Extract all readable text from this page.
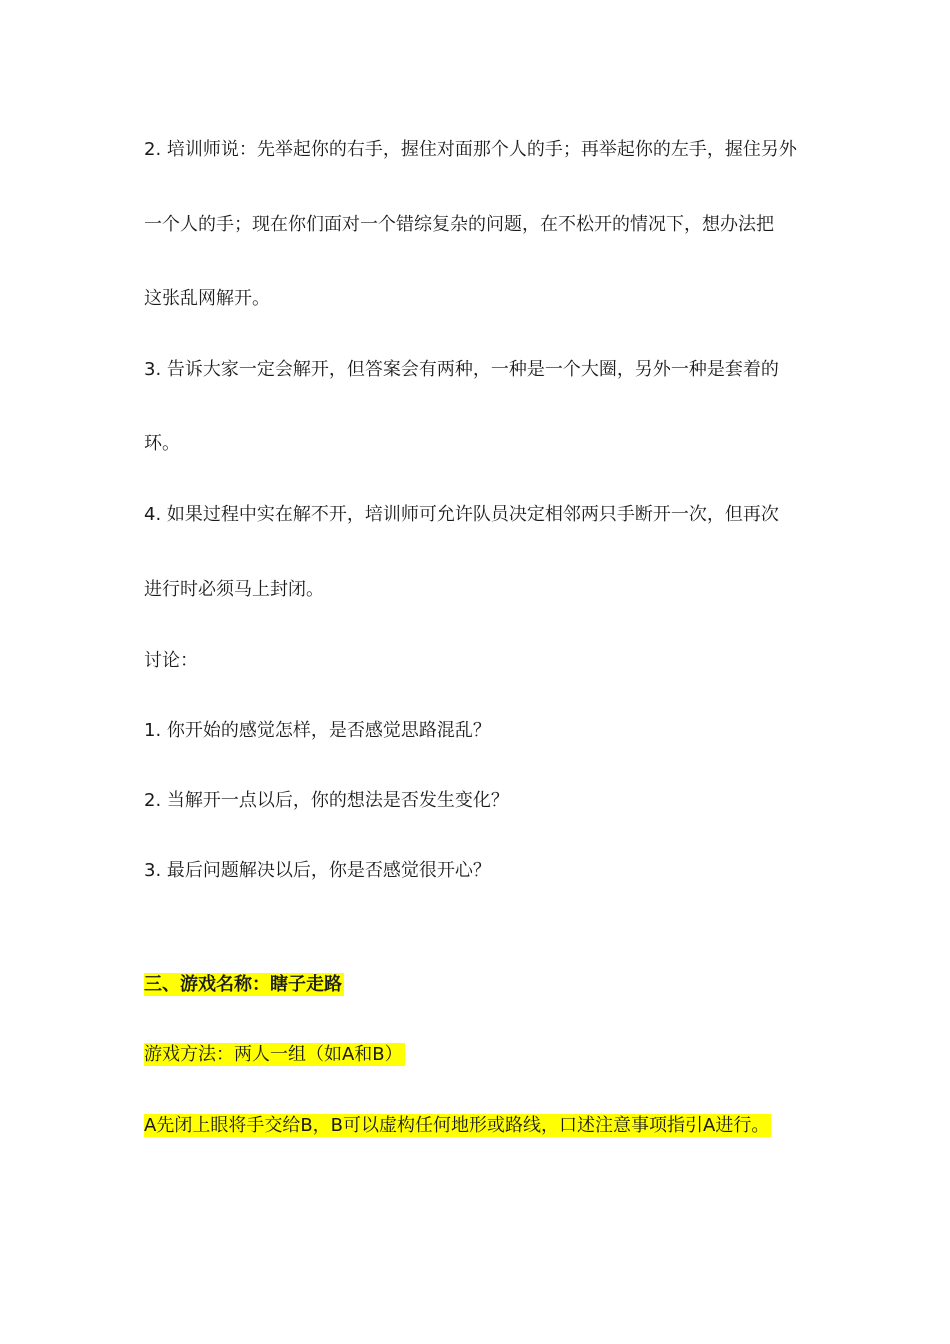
2. 培训师说：先举起你的右手，握住对面那个人的手；再举起你的左手，握住另外
一个人的手；现在你们面对一个错综复杂的问题，在不松开的情况下，想办法把
这张乱网解开。
3. 告诉大家一定会解开，但答案会有两种，一种是一个大圈，另外一种是套着的
环。
4. 如果过程中实在解不开，培训师可允许队员决定相邻两只手断开一次，但再次
进行时必须马上封闭。
讨论：
1. 你开始的感觉怎样，是否感觉思路混乱？
2. 当解开一点以后，你的想法是否发生变化？
3. 最后问题解决以后，你是否感觉很开心？
三、游戏名称：瞎子走路
游戏方法：两人一组（如A和B）
A先闭上眼将手交给B，B可以虚构任何地形或路线，口述注意事项指引A进行。
